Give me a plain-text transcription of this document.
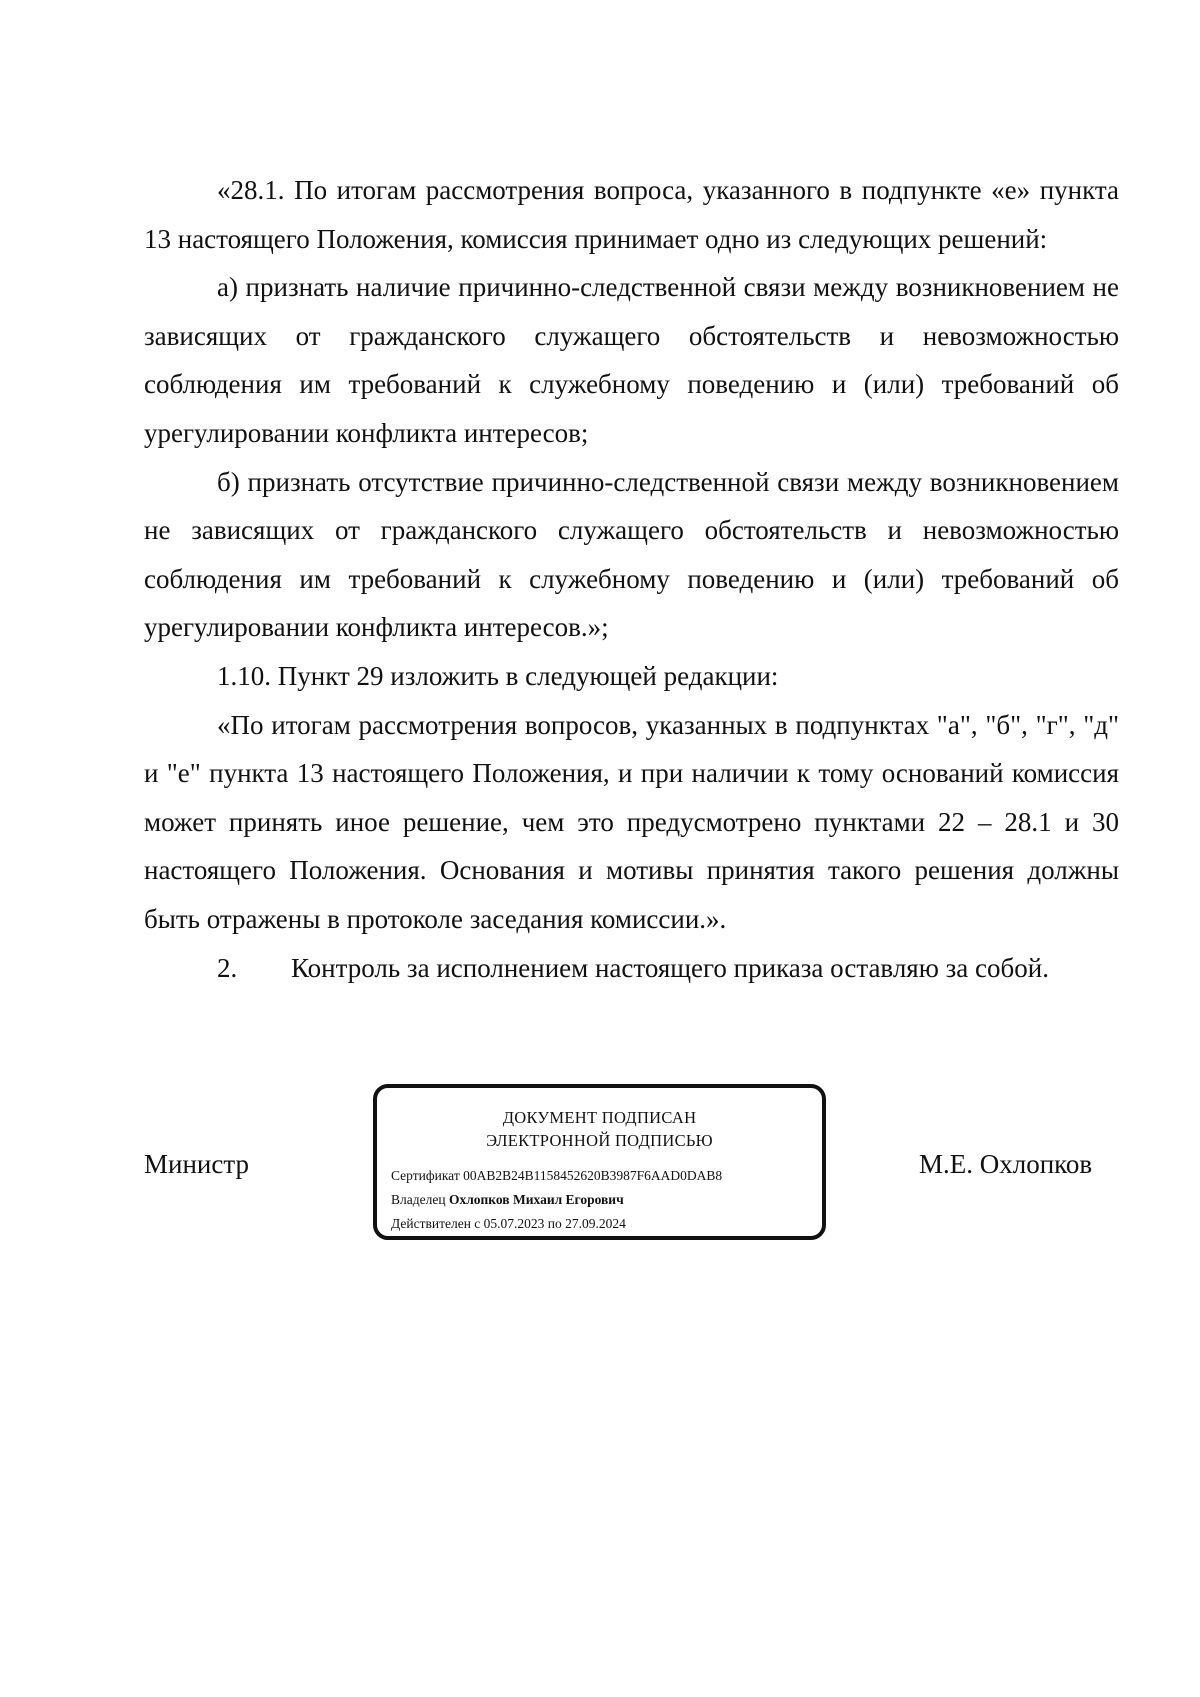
«28.1. По итогам рассмотрения вопроса, указанного в подпункте «е» пункта 13 настоящего Положения, комиссия принимает одно из следующих решений:

а) признать наличие причинно-следственной связи между возникновением не зависящих от гражданского служащего обстоятельств и невозможностью соблюдения им требований к служебному поведению и (или) требований об урегулировании конфликта интересов;

б) признать отсутствие причинно-следственной связи между возникновением не зависящих от гражданского служащего обстоятельств и невозможностью соблюдения им требований к служебному поведению и (или) требований об урегулировании конфликта интересов.»;

1.10. Пункт 29 изложить в следующей редакции:

«По итогам рассмотрения вопросов, указанных в подпунктах "а", "б", "г", "д" и "е" пункта 13 настоящего Положения, и при наличии к тому оснований комиссия может принять иное решение, чем это предусмотрено пунктами 22 – 28.1 и 30 настоящего Положения. Основания и мотивы принятия такого решения должны быть отражены в протоколе заседания комиссии.».

2. Контроль за исполнением настоящего приказа оставляю за собой.

Министр
ДОКУМЕНТ ПОДПИСАН
ЭЛЕКТРОННОЙ ПОДПИСЬЮ
Сертификат 00AB2B24B1158452620B3987F6AAD0DAB8
Владелец Охлопков Михаил Егорович
Действителен с 05.07.2023 по 27.09.2024
М.Е. Охлопков
